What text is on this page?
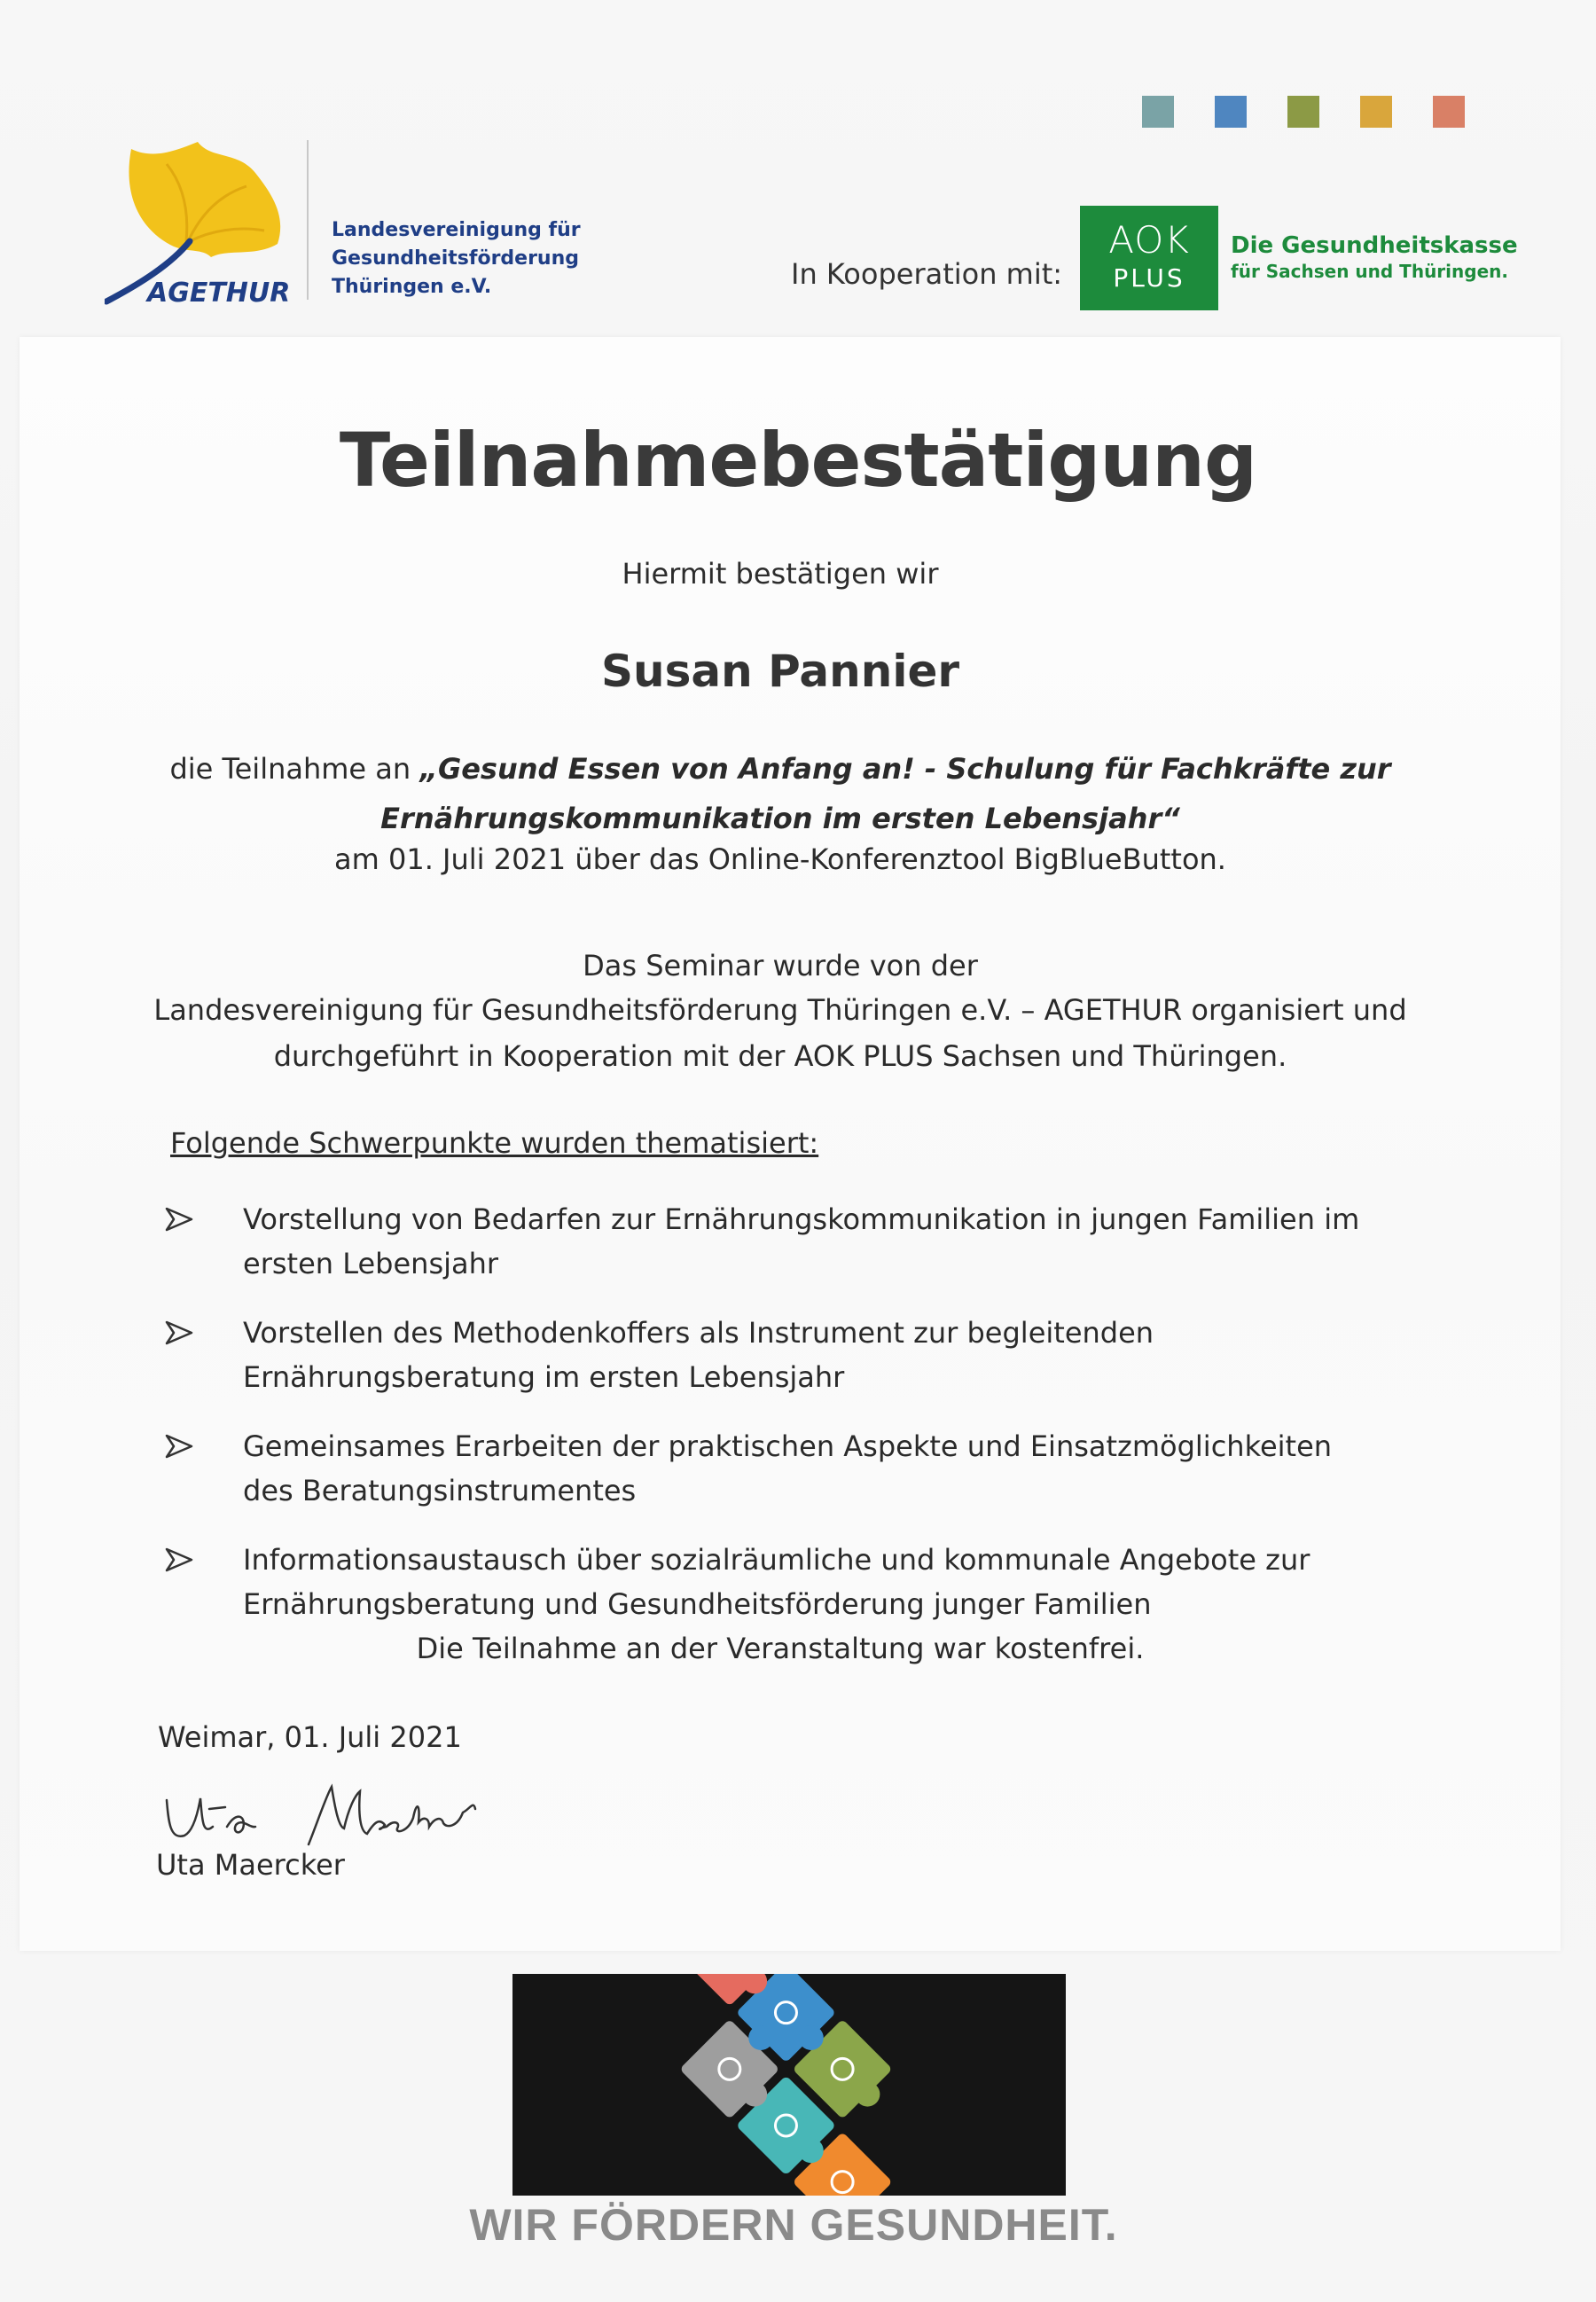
AGETHUR
Landesvereinigung für
Gesundheitsförderung
Thüringen e.V.	In Kooperation mit:
AOK
PLUS
Die Gesundheitskasse
für Sachsen und Thüringen.
Teilnahmebestätigung
Hiermit bestätigen wir
Susan Pannier
die Teilnahme an „Gesund Essen von Anfang an! - Schulung für Fachkräfte zur
Ernährungskommunikation im ersten Lebensjahr“
am 01. Juli 2021 über das Online-Konferenztool BigBlueButton.
Das Seminar wurde von der
Landesvereinigung für Gesundheitsförderung Thüringen e.V. – AGETHUR organisiert und
durchgeführt in Kooperation mit der AOK PLUS Sachsen und Thüringen.
Folgende Schwerpunkte wurden thematisiert:
Vorstellung von Bedarfen zur Ernährungskommunikation in jungen Familien im ersten Lebensjahr
Vorstellen des Methodenkoffers als Instrument zur begleitenden Ernährungsberatung im ersten Lebensjahr
Gemeinsames Erarbeiten der praktischen Aspekte und Einsatzmöglichkeiten des Beratungsinstrumentes
Informationsaustausch über sozialräumliche und kommunale Angebote zur Ernährungsberatung und Gesundheitsförderung junger Familien
Die Teilnahme an der Veranstaltung war kostenfrei.
Weimar, 01. Juli 2021
Uta Maercker
WIR FÖRDERN GESUNDHEIT.
